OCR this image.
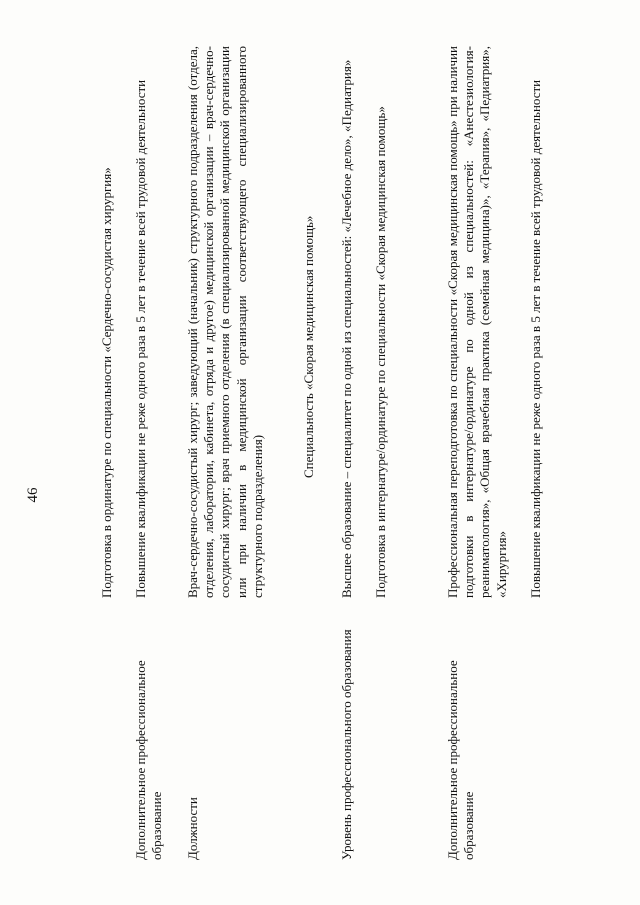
46	Подготовка в ординатуре по специальности «Сердечно-сосудистая хирургия»

Дополнительное профессиональное образование

Повышение квалификации не реже одного раза в 5 лет в течение всей трудовой деятельности

Должности

Врач-сердечно-сосудистый хирург; заведующий (начальник) структурного подразделения (отдела, отделения, лаборатории, кабинета, отряда и другое) медицинской организации – врач-сердечно-сосудистый хирург; врач приемного отделения (в специализированной медицинской организации или при наличии в медицинской организации соответствующего специализированного структурного подразделения)

Специальность «Скорая медицинская помощь»

Уровень профессионального образования

Высшее образование – специалитет по одной из специальностей: «Лечебное дело», «Педиатрия» Подготовка в интернатуре/ординатуре по специальности «Скорая медицинская помощь»

Дополнительное профессиональное образование

Профессиональная переподготовка по специальности «Скорая медицинская помощь» при наличии подготовки в интернатуре/ординатуре по одной из специальностей: «Анестезиология-реаниматология», «Общая врачебная практика (семейная медицина)», «Терапия», «Педиатрия», «Хирургия» Повышение квалификации не реже одного раза в 5 лет в течение всей трудовой деятельности
